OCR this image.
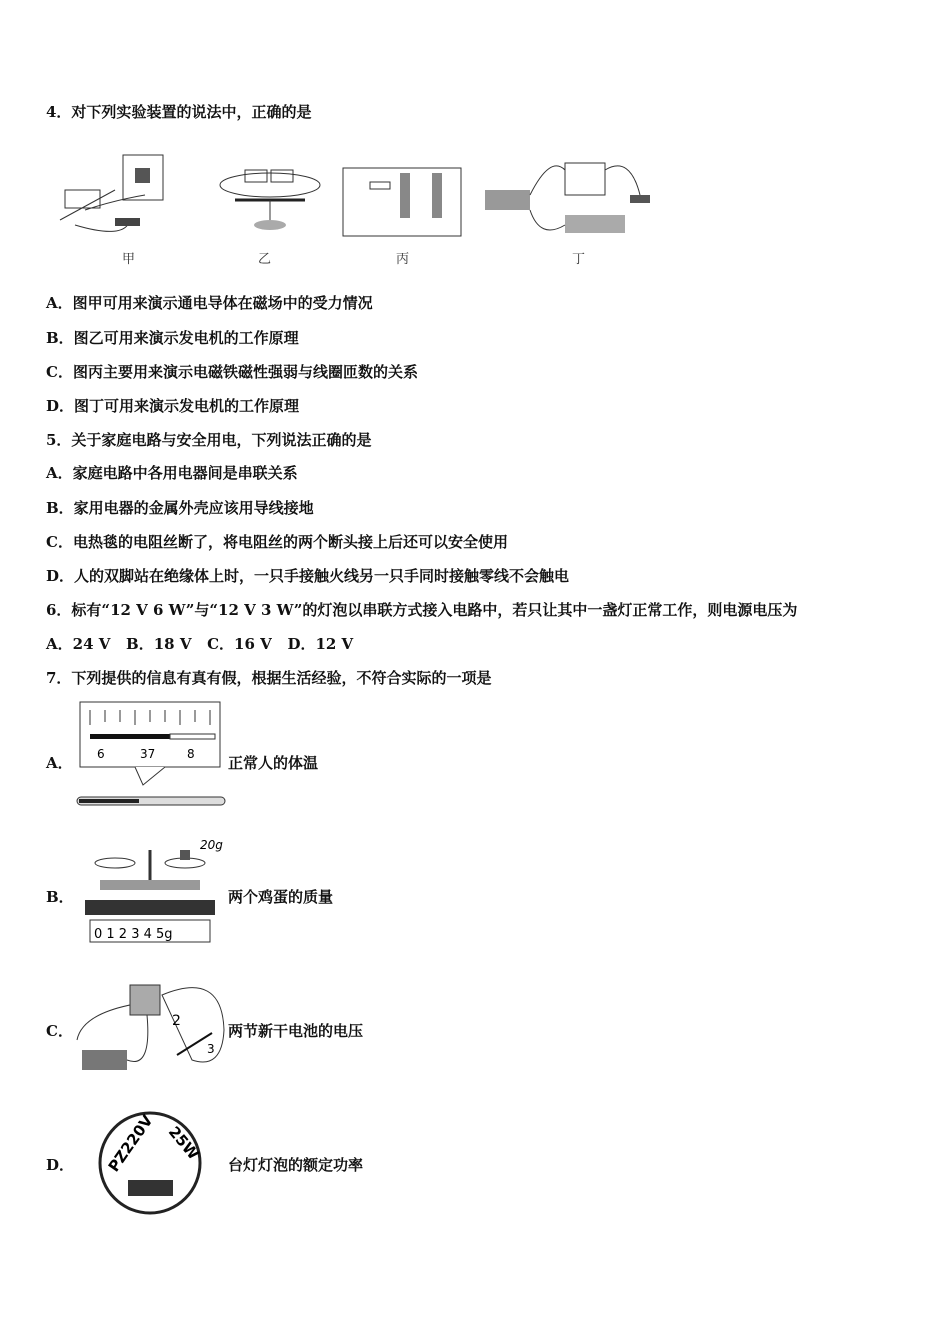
4．对下列实验装置的说法中，正确的是
甲	乙	丙	丁
A．图甲可用来演示通电导体在磁场中的受力情况
B．图乙可用来演示发电机的工作原理
C．图丙主要用来演示电磁铁磁性强弱与线圈匝数的关系
D．图丁可用来演示发电机的工作原理
5．关于家庭电路与安全用电，下列说法正确的是
A．家庭电路中各用电器间是串联关系
B．家用电器的金属外壳应该用导线接地
C．电热毯的电阻丝断了，将电阻丝的两个断头接上后还可以安全使用
D．人的双脚站在绝缘体上时，一只手接触火线另一只手同时接触零线不会触电
6．标有“12 V 6 W”与“12 V 3 W”的灯泡以串联方式接入电路中，若只让其中一盏灯正常工作，则电源电压为
A．24 V   B．18 V   C．16 V   D．12 V
7．下列提供的信息有真有假，根据生活经验，不符合实际的一项是
A． 6	37	8 正常人的体温
B．
20g
0 1 2 3 4 5g
两个鸡蛋的质量
C．
2
3
两节新干电池的电压
D． PZ220V 25W
台灯灯泡的额定功率
